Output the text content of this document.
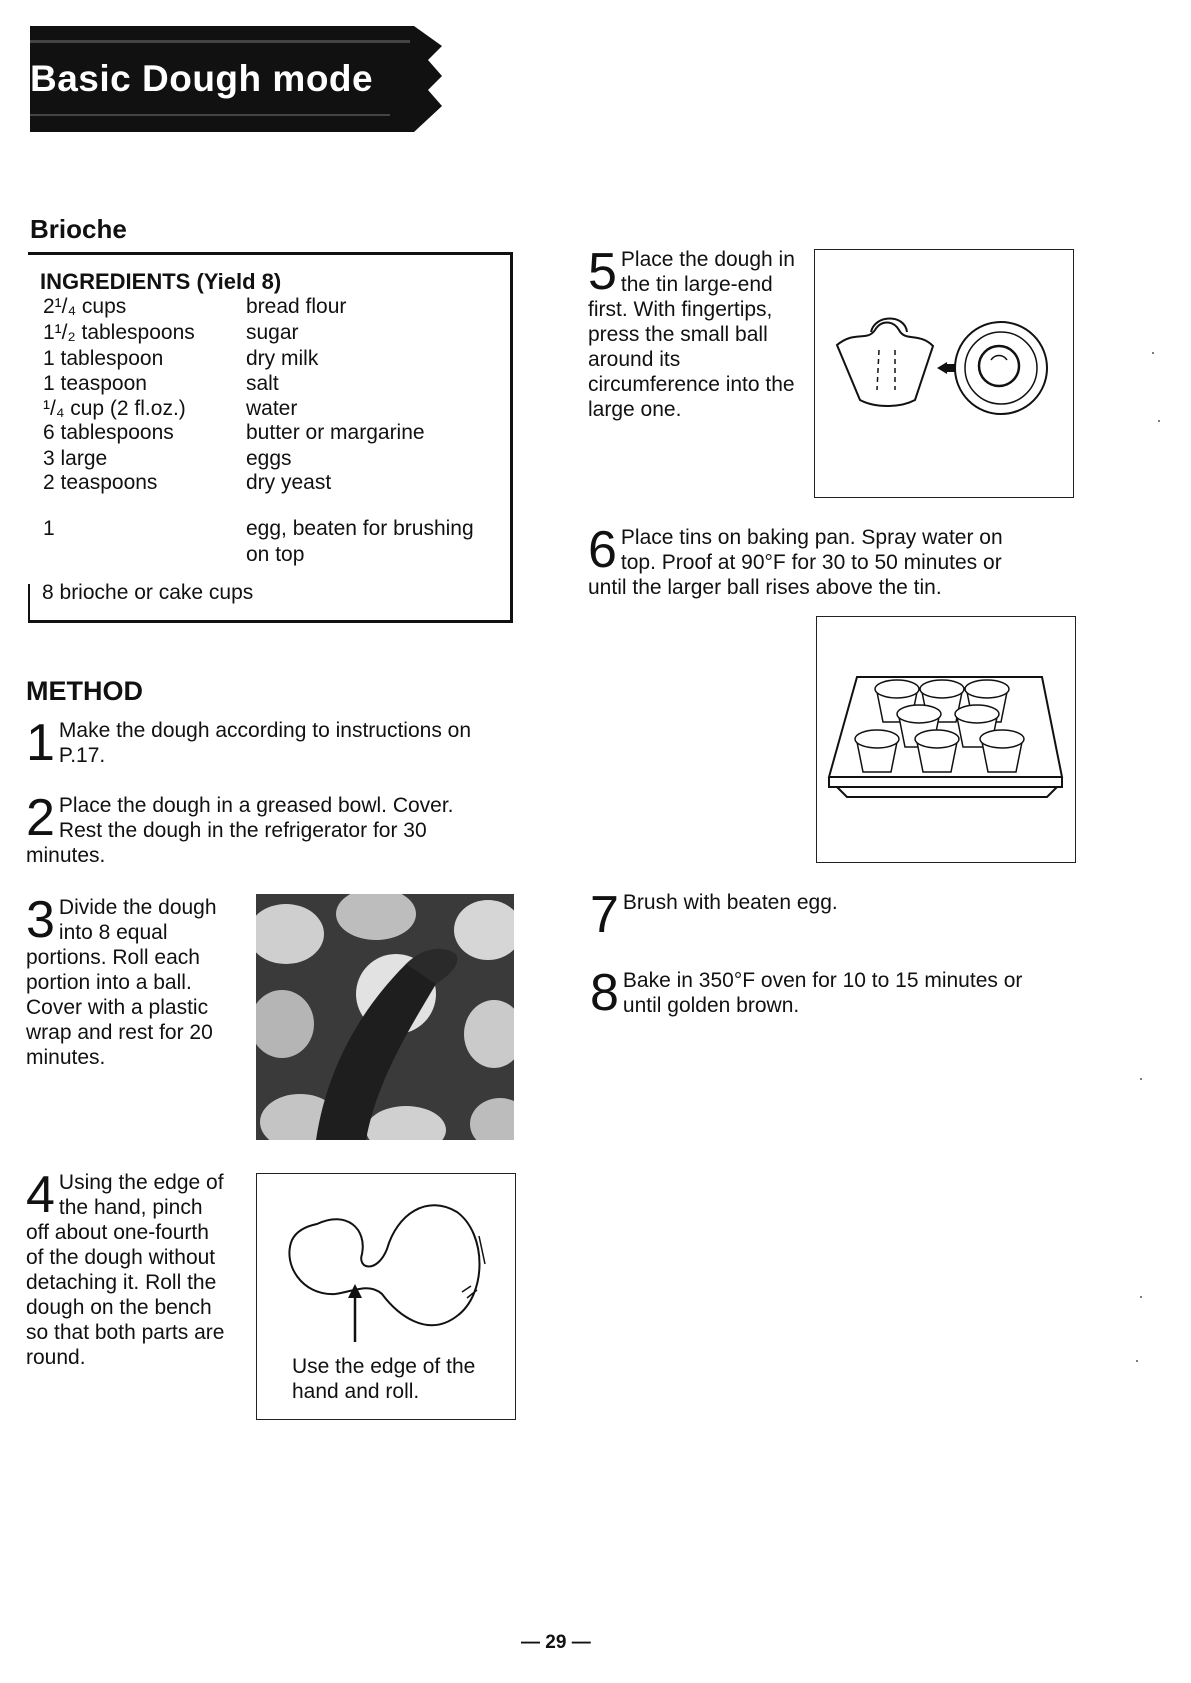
Basic Dough mode
Brioche
INGREDIENTS (Yield 8)
2¹/₄ cups	bread flour
1¹/₂ tablespoons sugar
1 tablespoon	dry milk
1 teaspoon	salt
¹/₄ cup (2 fl.oz.)	water
6 tablespoons	butter or margarine
3 large	eggs
2 teaspoons	dry yeast
1	egg, beaten for brushing
on top
8 brioche or cake cups
METHOD
1 Make the dough according to instructions on P.17.
2 Place the dough in a greased bowl. Cover. Rest the dough in the refrigerator for 30 minutes.
3 Divide the dough into 8 equal portions. Roll each portion into a ball. Cover with a plastic wrap and rest for 20 minutes.
4 Using the edge of the hand, pinch off about one-fourth of the dough without detaching it. Roll the dough on the bench so that both parts are round.	Use the edge of the hand and roll.
5 Place the dough in the tin large-end first. With fingertips, press the small ball around its circumference into the large one.
6 Place tins on baking pan. Spray water on top. Proof at 90°F for 30 to 50 minutes or until the larger ball rises above the tin.
7 Brush with beaten egg.
8 Bake in 350°F oven for 10 to 15 minutes or until golden brown.
— 29 —
